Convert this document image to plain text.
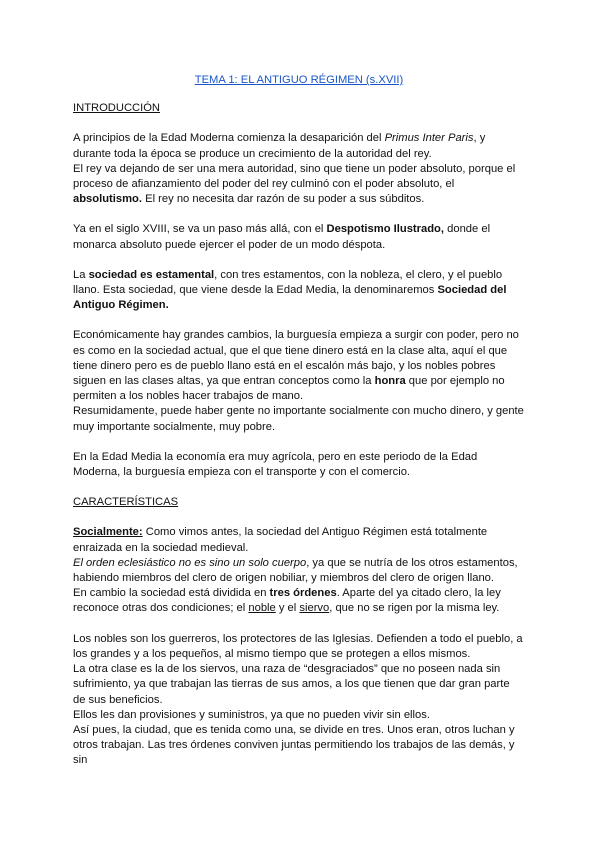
TEMA 1: EL ANTIGUO RÉGIMEN (s.XVII)
INTRODUCCIÓN

A principios de la Edad Moderna comienza la desaparición del Primus Inter Paris, y durante toda la época se produce un crecimiento de la autoridad del rey.

El rey va dejando de ser una mera autoridad, sino que tiene un poder absoluto, porque el proceso de afianzamiento del poder del rey culminó con el poder absoluto, el absolutismo. El rey no necesita dar razón de su poder a sus súbditos.

Ya en el siglo XVIII, se va un paso más allá, con el Despotismo Ilustrado, donde el monarca absoluto puede ejercer el poder de un modo déspota.

La sociedad es estamental, con tres estamentos, con la nobleza, el clero, y el pueblo llano. Esta sociedad, que viene desde la Edad Media, la denominaremos Sociedad del Antiguo Régimen.

Económicamente hay grandes cambios, la burguesía empieza a surgir con poder, pero no es como en la sociedad actual, que el que tiene dinero está en la clase alta, aquí el que tiene dinero pero es de pueblo llano está en el escalón más bajo, y los nobles pobres siguen en las clases altas, ya que entran conceptos como la honra que por ejemplo no permiten a los nobles hacer trabajos de mano.

Resumidamente, puede haber gente no importante socialmente con mucho dinero, y gente muy importante socialmente, muy pobre.

En la Edad Media la economía era muy agrícola, pero en este periodo de la Edad Moderna, la burguesía empieza con el transporte y con el comercio.

CARACTERÍSTICAS

Socialmente: Como vimos antes, la sociedad del Antiguo Régimen está totalmente enraizada en la sociedad medieval.

El orden eclesiástico no es sino un solo cuerpo, ya que se nutría de los otros estamentos, habiendo miembros del clero de origen nobiliar, y miembros del clero de origen llano.

En cambio la sociedad está dividida en tres órdenes. Aparte del ya citado clero, la ley reconoce otras dos condiciones; el noble y el siervo, que no se rigen por la misma ley.

Los nobles son los guerreros, los protectores de las Iglesias. Defienden a todo el pueblo, a los grandes y a los pequeños, al mismo tiempo que se protegen a ellos mismos.

La otra clase es la de los siervos, una raza de “desgraciados” que no poseen nada sin sufrimiento, ya que trabajan las tierras de sus amos, a los que tienen que dar gran parte de sus beneficios.

Ellos les dan provisiones y suministros, ya que no pueden vivir sin ellos.

Así pues, la ciudad, que es tenida como una, se divide en tres. Unos eran, otros luchan y otros trabajan. Las tres órdenes conviven juntas permitiendo los trabajos de las demás, y sin
